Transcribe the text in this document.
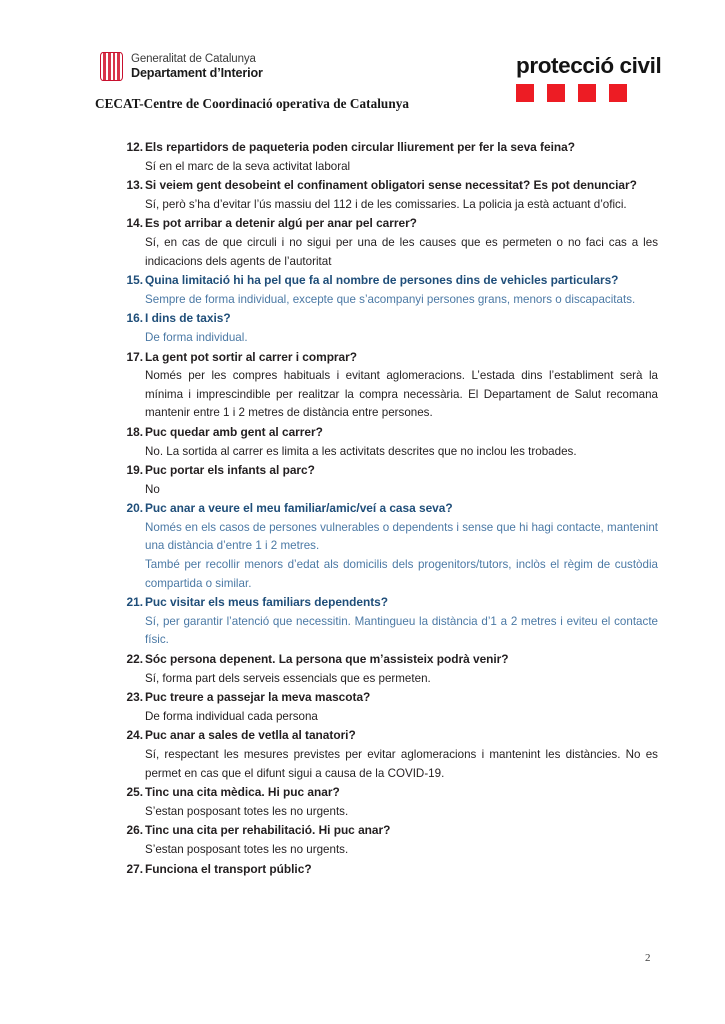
Generalitat de Catalunya
Departament d’Interior	protecció civil
CECAT-Centre de Coordinació operativa de Catalunya
12. Els repartidors de paqueteria poden circular lliurement per fer la seva feina?

Sí en el marc de la seva activitat laboral

13. Si veiem gent desobeint el confinament obligatori sense necessitat? Es pot denunciar?

Sí, però s’ha d’evitar l’ús massiu del 112 i de les comissaries. La policia ja està actuant d’ofici.

14. Es pot arribar a detenir algú per anar pel carrer?

Sí, en cas de que circuli i no sigui per una de les causes que es permeten o no faci cas a les indicacions dels agents de l’autoritat

15. Quina limitació hi ha pel que fa al nombre de persones dins de vehicles particulars?

Sempre de forma individual, excepte que s’acompanyi persones grans, menors o discapacitats.

16. I dins de taxis?

De forma individual.

17. La gent pot sortir al carrer i comprar?

Només per les compres habituals i evitant aglomeracions. L’estada dins l’establiment serà la mínima i imprescindible per realitzar la compra necessària. El Departament de Salut recomana mantenir entre 1 i 2 metres de distància entre persones.

18. Puc quedar amb gent al carrer?

No. La sortida al carrer es limita a les activitats descrites que no inclou les trobades.

19. Puc portar els infants al parc?

No

20. Puc anar a veure el meu familiar/amic/veí a casa seva?

Només en els casos de persones vulnerables o dependents i sense que hi hagi contacte, mantenint una distància d’entre 1 i 2 metres.

També per recollir menors d’edat als domicilis dels progenitors/tutors, inclòs el règim de custòdia compartida o similar.

21. Puc visitar els meus familiars dependents?

Sí, per garantir l’atenció que necessitin. Mantingueu la distància d’1 a 2 metres i eviteu el contacte físic.

22. Sóc persona depenent. La persona que m’assisteix podrà venir?

Sí, forma part dels serveis essencials que es permeten.

23. Puc treure a passejar la meva mascota?

De forma individual cada persona

24. Puc anar a sales de vetlla al tanatori?

Sí, respectant les mesures previstes per evitar aglomeracions i mantenint les distàncies. No es permet en cas que el difunt sigui a causa de la COVID-19.

25. Tinc una cita mèdica. Hi puc anar?

S’estan posposant totes les no urgents.

26. Tinc una cita per rehabilitació. Hi puc anar?

S’estan posposant totes les no urgents.

27. Funciona el transport públic?
2
